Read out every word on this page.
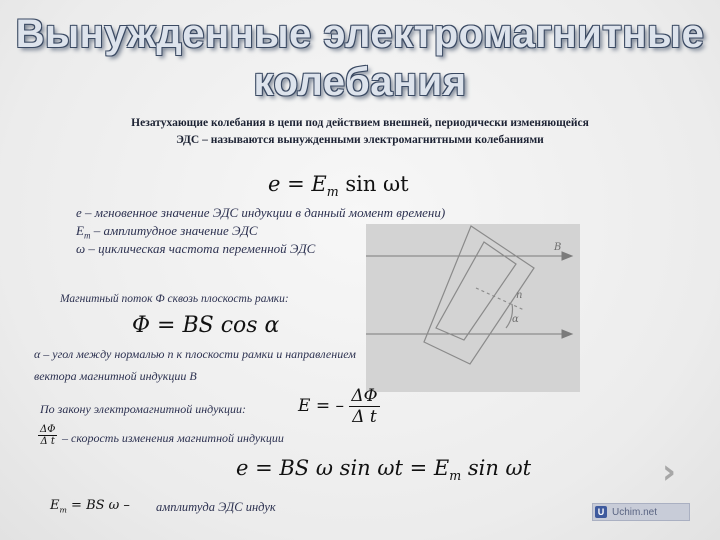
Вынужденные электромагнитные
колебания
Незатухающие колебания в цепи под действием внешней, периодически изменяющейся
ЭДС – называются вынужденными электромагнитными колебаниями
$e = E_m$ sin ωt
e – мгновенное значение ЭДС индукции в данный момент времени)
$E_m$ – амплитудное значение ЭДС
ω – циклическая частота переменной ЭДС	B
n
α
Магнитный поток Ф сквозь плоскость рамки:
Φ = BS cos α
α – угол между нормалью n к плоскости рамки и направлением
вектора магнитной индукции B
По закону электромагнитной индукции:	E = – $\frac{\Delta\Phi}{\text{Δ t}}$
$\frac{\Delta\Phi}{\text{Δ t}}$ – скорость изменения магнитной индукции
e = BS ω $\sin \omega t = E_m$ sin ωt
$E_m$ = BS ω – амплитуда ЭДС индук
›
U Uchim.net
